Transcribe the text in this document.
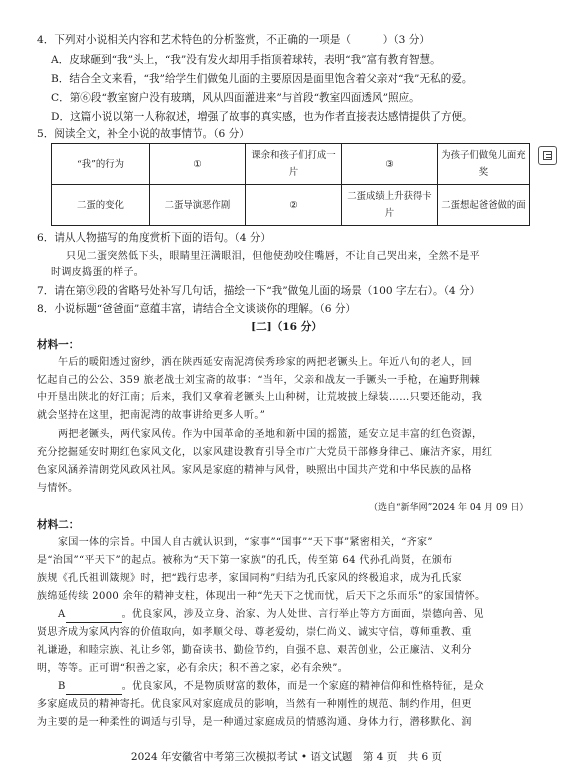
4．下列对小说相关内容和艺术特色的分析鉴赏，不正确的一项是（　　　）（3 分）
A．皮球砸到“我”头上，“我”没有发火却用手指顶着球转，表明“我”富有教育智慧。
B．结合全文来看，“我”给学生们做兔儿面的主要原因是面里饱含着父亲对“我”无私的爱。
C．第⑥段“教室窗户没有玻璃，风从四面灌进来”与首段“教室四面透风”照应。
D．这篇小说以第一人称叙述，增强了故事的真实感，也为作者直接表达感情提供了方便。
5．阅读全文，补全小说的故事情节。（6 分）
“我”的行为	①	课余和孩子们打成一片	③	为孩子们做兔儿面充奖
二蛋的变化	二蛋导演恶作剧	②	二蛋成绩上升获得卡片	二蛋想起爸爸做的面
6．请从人物描写的角度赏析下面的语句。（4 分）
只见二蛋突然低下头，眼睛里汪满眼泪，但他使劲咬住嘴唇，不让自己哭出来，全然不是平
时调皮捣蛋的样子。
7．请在第⑨段的省略号处补写几句话，描绘一下“我”做兔儿面的场景（100 字左右）。（4 分）
8．小说标题“爸爸面”意蕴丰富，请结合全文谈谈你的理解。（6 分）
[二]（16 分）
材料一：
午后的暖阳透过窗纱，洒在陕西延安南泥湾侯秀珍家的两把老镢头上。年近八旬的老人，回
忆起自己的公公、359 旅老战士刘宝斋的故事：“当年，父亲和战友一手镢头一手枪，在遍野荆棘
中开垦出陕北的好江南；后来，我们又拿着老镢头上山种树，让荒坡披上绿装……只要还能动，我
就会坚持在这里，把南泥湾的故事讲给更多人听。”
两把老镢头，两代家风传。作为中国革命的圣地和新中国的摇篮，延安立足丰富的红色资源，
充分挖掘延安时期红色家风文化，以家风建设教育引导全市广大党员干部修身律己、廉洁齐家，用红
色家风涵养清朗党风政风社风。家风是家庭的精神与风骨，映照出中国共产党和中华民族的品格
与情怀。
（选自“新华网”2024 年 04 月 09 日）
材料二：
家国一体的宗旨。中国人自古就认识到，“家事”“国事”“天下事”紧密相关，“齐家”
是“治国”“平天下”的起点。被称为“天下第一家族”的孔氏，传至第 64 代孙孔尚贤，在颁布
族规《孔氏祖训箴规》时，把“践行忠孝，家国同构”归结为孔氏家风的终极追求，成为孔氏家
族绵延传续 2000 余年的精神支柱，体现出一种“先天下之忧而忧，后天下之乐而乐”的家国情怀。
A	。优良家风，涉及立身、治家、为人处世、言行举止等方方面面，崇德向善、见
贤思齐成为家风内容的价值取向，如孝顺父母、尊老爱幼，崇仁尚义、诚实守信，尊师重教、重
礼谦逊，和睦宗族、礼让乡邻，勤奋读书、勤俭节约，自强不息、艰苦创业，公正廉洁、义利分
明，等等。正可谓“积善之家，必有余庆；积不善之家，必有余殃”。
B	。优良家风，不是物质财富的数体，而是一个家庭的精神信仰和性格特征，是众
多家庭成员的精神寄托。优良家风对家庭成员的影响，当然有一种刚性的规范、制约作用，但更
为主要的是一种柔性的调适与引导，是一种通过家庭成员的情感沟通、身体力行，潜移默化、润
2024 年安徽省中考第三次模拟考试 • 语文试题　第 4 页　共 6 页
